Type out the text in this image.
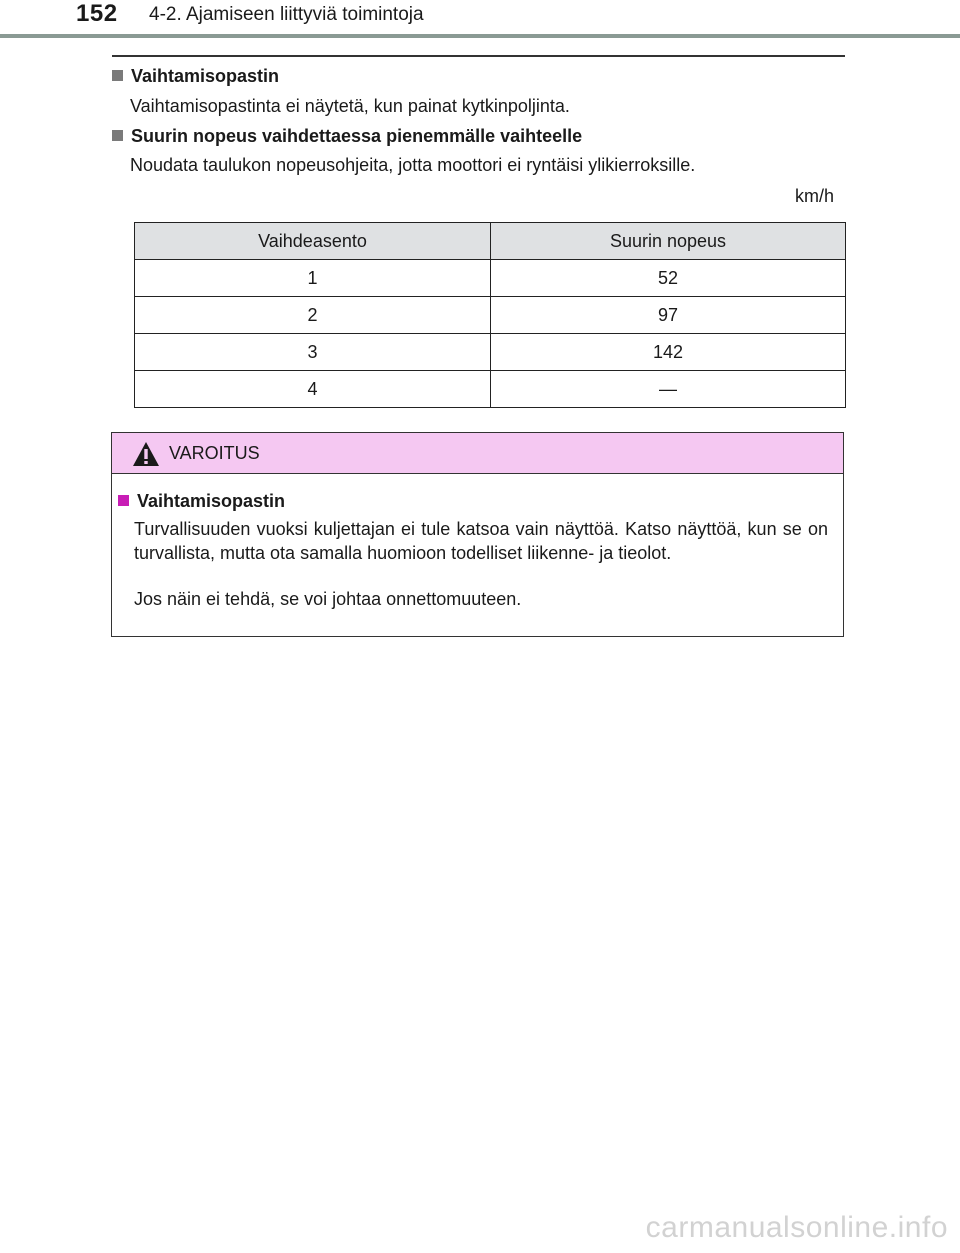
152 4-2. Ajamiseen liittyviä toimintoja
Vaihtamisopastin
Vaihtamisopastinta ei näytetä, kun painat kytkinpoljinta.
Suurin nopeus vaihdettaessa pienemmälle vaihteelle
Noudata taulukon nopeusohjeita, jotta moottori ei ryntäisi ylikierroksille.
km/h
Vaihdeasento	Suurin nopeus
1	52
2	97
3	142
4	—
VAROITUS
Vaihtamisopastin
Turvallisuuden vuoksi kuljettajan ei tule katsoa vain näyttöä. Katso näyttöä, kun se on turvallista, mutta ota samalla huomioon todelliset liikenne- ja tieolot.
Jos näin ei tehdä, se voi johtaa onnettomuuteen.
carmanualsonline.info
